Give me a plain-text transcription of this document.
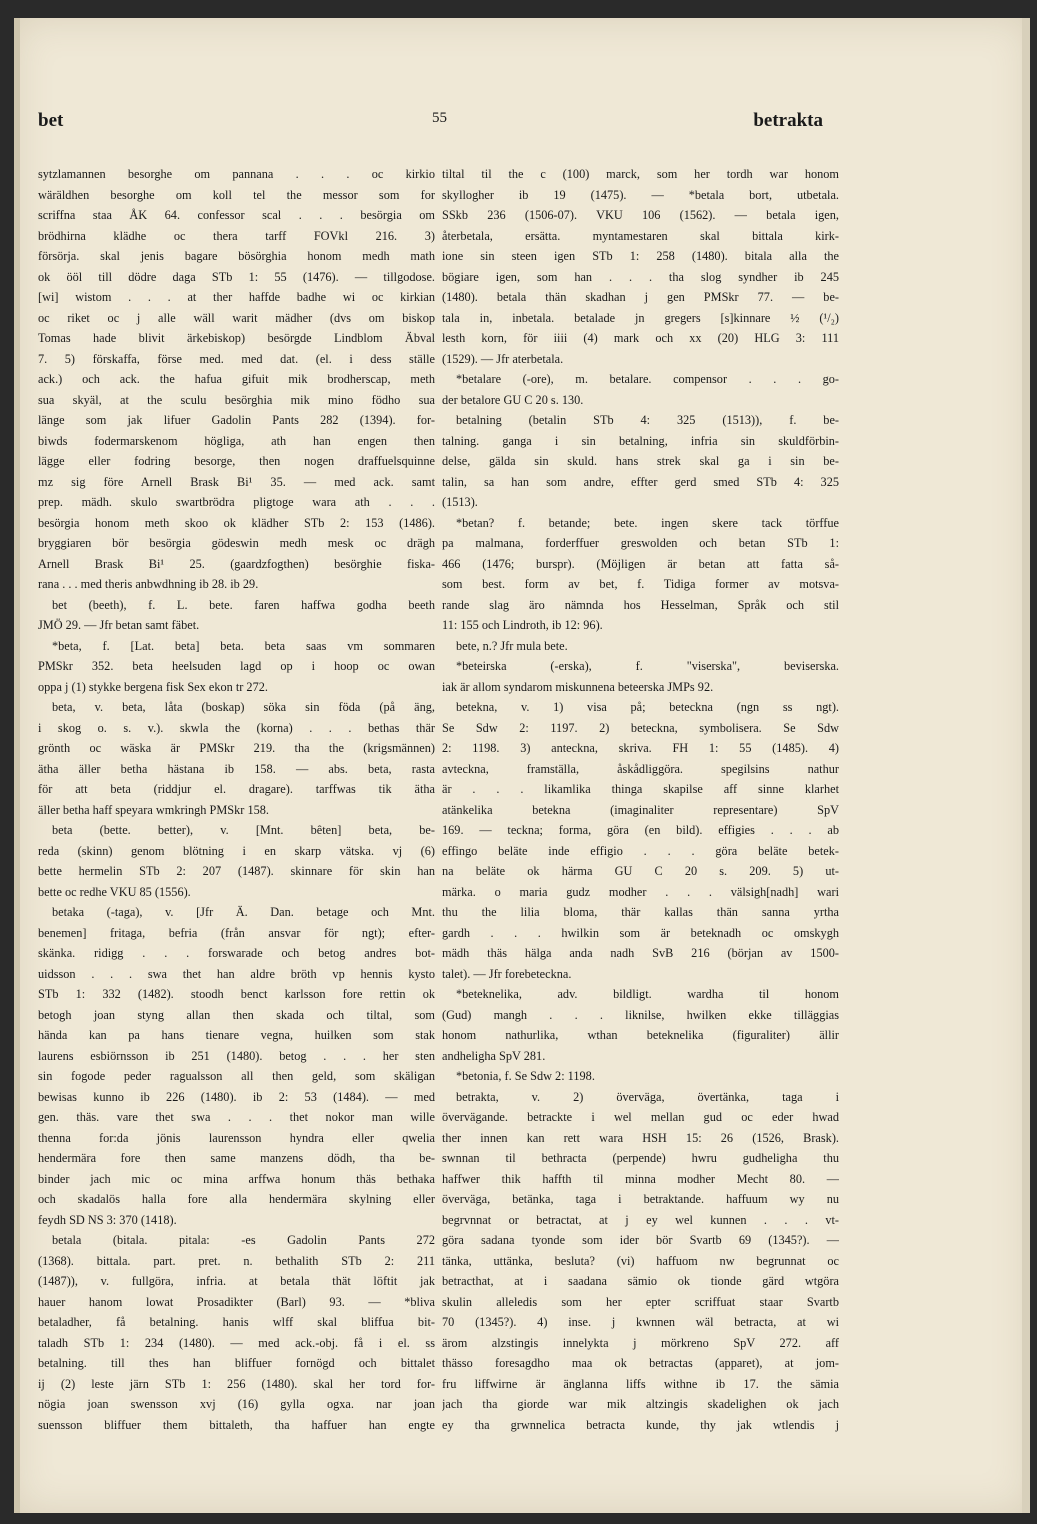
bet	55	betrakta
sytzlamannen besorghe om pannana . . . oc kirkio
wäräldhen besorghe om koll tel the messor som for
scriffna staa ÅK 64. confessor scal . . . besörgia om
brödhirna klädhe oc thera tarff FOVkl 216. 3)
försörja. skal jenis bagare bösörghia honom medh math
ok ööl till dödre daga STb 1: 55 (1476). — tillgodose.
[wi] wistom . . . at ther haffde badhe wi oc kirkian
oc riket oc j alle wäll warit mädher (dvs om biskop
Tomas hade blivit ärkebiskop) besörgde Lindblom Äbval
7. 5) förskaffa, förse med. med dat. (el. i dess ställe
ack.) och ack. the hafua gifuit mik brodherscap, meth
sua skyäl, at the sculu besörghia mik mino födho sua
länge som jak lifuer Gadolin Pants 282 (1394). for-
biwds fodermarskenom högliga, ath han engen then
lägge eller fodring besorge, then nogen draffuelsquinne
mz sig före Arnell Brask Bi¹ 35. — med ack. samt
prep. mädh. skulo swartbrödra pligtoge wara ath . . .
besörgia honom meth skoo ok klädher STb 2: 153 (1486).
bryggiaren bör besörgia gödeswin medh mesk oc drägh
Arnell Brask Bi¹ 25. (gaardzfogthen) besörghie fiska-
rana . . . med theris anbwdhning ib 28. ib 29.
bet (beeth), f. L. bete. faren haffwa godha beeth
JMÖ 29. — Jfr betan samt fäbet.
*beta, f. [Lat. beta] beta. beta saas vm sommaren
PMSkr 352. beta heelsuden lagd op i hoop oc owan
oppa j (1) stykke bergena fisk Sex ekon tr 272.
beta, v. beta, låta (boskap) söka sin föda (på äng,
i skog o. s. v.). skwla the (korna) . . . bethas thär
grönth oc wäska är PMSkr 219. tha the (krigsmännen)
ätha äller betha hästana ib 158. — abs. beta, rasta
för att beta (riddjur el. dragare). tarffwas tik ätha
äller betha haff speyara wmkringh PMSkr 158.
beta (bette. better), v. [Mnt. bêten] beta, be-
reda (skinn) genom blötning i en skarp vätska. vj (6)
bette hermelin STb 2: 207 (1487). skinnare för skin han
bette oc redhe VKU 85 (1556).
betaka (-taga), v. [Jfr Ä. Dan. betage och Mnt.
benemen] fritaga, befria (från ansvar för ngt); efter-
skänka. ridigg . . . forswarade och betog andres bot-
uidsson . . . swa thet han aldre bröth vp hennis kysto
STb 1: 332 (1482). stoodh benct karlsson fore rettin ok
betogh joan styng allan then skada och tiltal, som
hända kan pa hans tienare vegna, huilken som stak
laurens esbiörnsson ib 251 (1480). betog . . . her sten
sin fogode peder ragualsson all then geld, som skäligan
bewisas kunno ib 226 (1480). ib 2: 53 (1484). — med
gen. thäs. vare thet swa . . . thet nokor man wille
thenna for:da jönis laurensson hyndra eller qwelia
hendermära fore then same manzens dödh, tha be-
binder jach mic oc mina arffwa honum thäs bethaka
och skadalös halla fore alla hendermära skylning eller
feydh SD NS 3: 370 (1418).
betala (bitala. pitala: -es Gadolin Pants 272
(1368). bittala. part. pret. n. bethalith STb 2: 211
(1487)), v. fullgöra, infria. at betala thät löftit jak
hauer hanom lowat Prosadikter (Barl) 93. — *bliva
betaladher, få betalning. hanis wlff skal bliffua bit-
taladh STb 1: 234 (1480). — med ack.-obj. få i el. ss
betalning. till thes han bliffuer fornögd och bittalet
ij (2) leste järn STb 1: 256 (1480). skal her tord for-
nögia joan swensson xvj (16) gylla ogxa. nar joan
suensson bliffuer them bittaleth, tha haffuer han engte
tiltal til the c (100) marck, som her tordh war honom
skyllogher ib 19 (1475). — *betala bort, utbetala.
SSkb 236 (1506-07). VKU 106 (1562). — betala igen,
återbetala, ersätta. myntamestaren skal bittala kirk-
ione sin steen igen STb 1: 258 (1480). bitala alla the
bögiare igen, som han . . . tha slog syndher ib 245
(1480). betala thän skadhan j gen PMSkr 77. — be-
tala in, inbetala. betalade jn gregers [s]kinnare ½ (¹/₂)
lesth korn, för iiii (4) mark och xx (20) HLG 3: 111
(1529). — Jfr aterbetala.
*betalare (-ore), m. betalare. compensor . . . go-
der betalore GU C 20 s. 130.
betalning (betalin STb 4: 325 (1513)), f. be-
talning. ganga i sin betalning, infria sin skuldförbin-
delse, gälda sin skuld. hans strek skal ga i sin be-
talin, sa han som andre, effter gerd smed STb 4: 325
(1513).
*betan? f. betande; bete. ingen skere tack törffue
pa malmana, forderffuer greswolden och betan STb 1:
466 (1476; burspr). (Möjligen är betan att fatta så-
som best. form av bet, f. Tidiga former av motsva-
rande slag äro nämnda hos Hesselman, Språk och stil
11: 155 och Lindroth, ib 12: 96).
bete, n.? Jfr mula bete.
*beteirska (-erska), f. "viserska", beviserska.
iak är allom syndarom miskunnena beteerska JMPs 92.
betekna, v. 1) visa på; beteckna (ngn ss ngt).
Se Sdw 2: 1197. 2) beteckna, symbolisera. Se Sdw
2: 1198. 3) anteckna, skriva. FH 1: 55 (1485). 4)
avteckna, framställa, åskådliggöra. spegilsins nathur
är . . . likamlika thinga skapilse aff sinne klarhet
atänkelika betekna (imaginaliter representare) SpV
169. — teckna; forma, göra (en bild). effigies . . . ab
effingo beläte inde effigio . . . göra beläte betek-
na beläte ok härma GU C 20 s. 209. 5) ut-
märka. o maria gudz modher . . . välsigh[nadh] wari
thu the lilia bloma, thär kallas thän sanna yrtha
gardh . . . hwilkin som är beteknadh oc omskygh
mädh thäs hälga anda nadh SvB 216 (början av 1500-
talet). — Jfr forebeteckna.
*beteknelika, adv. bildligt. wardha til honom
(Gud) mangh . . . liknilse, hwilken ekke tilläggias
honom nathurlika, wthan beteknelika (figuraliter) ällir
andheligha SpV 281.
*betonia, f. Se Sdw 2: 1198.
betrakta, v. 2) överväga, övertänka, taga i
övervägande. betrackte i wel mellan gud oc eder hwad
ther innen kan rett wara HSH 15: 26 (1526, Brask).
swnnan til bethracta (perpende) hwru gudheligha thu
haffwer thik haffth til minna modher Mecht 80. —
överväga, betänka, taga i betraktande. haffuum wy nu
begrvnnat or betractat, at j ey wel kunnen . . . vt-
göra sadana tyonde som ider bör Svartb 69 (1345?). —
tänka, uttänka, besluta? (vi) haffuom nw begrunnat oc
betracthat, at i saadana sämio ok tionde gärd wtgöra
skulin alleledis som her epter scriffuat staar Svartb
70 (1345?). 4) inse. j kwnnen wäl betracta, at wi
ärom alzstingis innelykta j mörkreno SpV 272. aff
thässo foresagdho maa ok betractas (apparet), at jom-
fru liffwirne är änglanna liffs withne ib 17. the sämia
jach tha giorde war mik altzingis skadelighen ok jach
ey tha grwnnelica betracta kunde, thy jak wtlendis j
